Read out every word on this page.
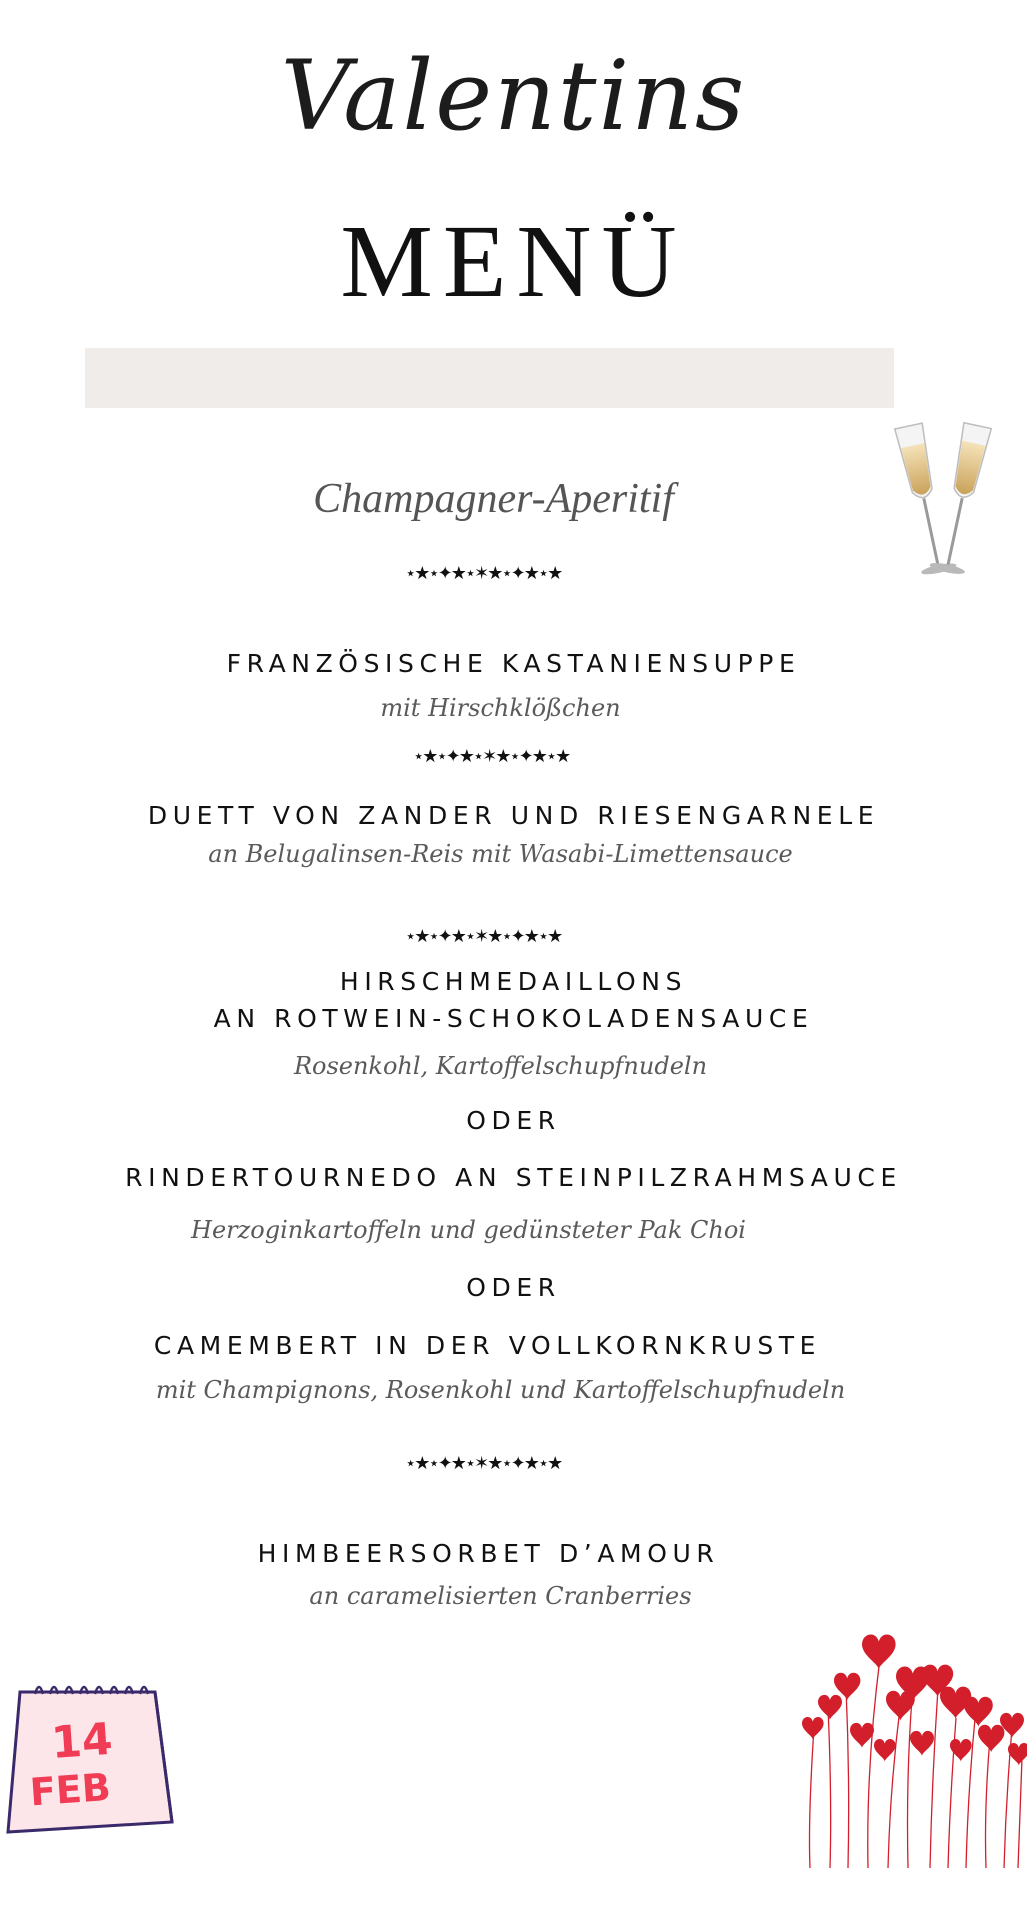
Valentins
MENÜ
Champagner-Aperitif
⋆★⋆✦★⋆✶★⋆✦★⋆★
FRANZÖSISCHE KASTANIENSUPPE
mit Hirschklößchen
⋆★⋆✦★⋆✶★⋆✦★⋆★
DUETT VON ZANDER UND RIESENGARNELE
an Belugalinsen-Reis mit Wasabi-Limettensauce
⋆★⋆✦★⋆✶★⋆✦★⋆★
HIRSCHMEDAILLONS
AN ROTWEIN-SCHOKOLADENSAUCE
Rosenkohl, Kartoffelschupfnudeln
ODER
RINDERTOURNEDO AN STEINPILZRAHMSAUCE
Herzoginkartoffeln und gedünsteter Pak Choi
ODER
CAMEMBERT IN DER VOLLKORNKRUSTE
mit Champignons, Rosenkohl und Kartoffelschupfnudeln
⋆★⋆✦★⋆✶★⋆✦★⋆★
HIMBEERSORBET D’AMOUR
an caramelisierten Cranberries
14
FEB
